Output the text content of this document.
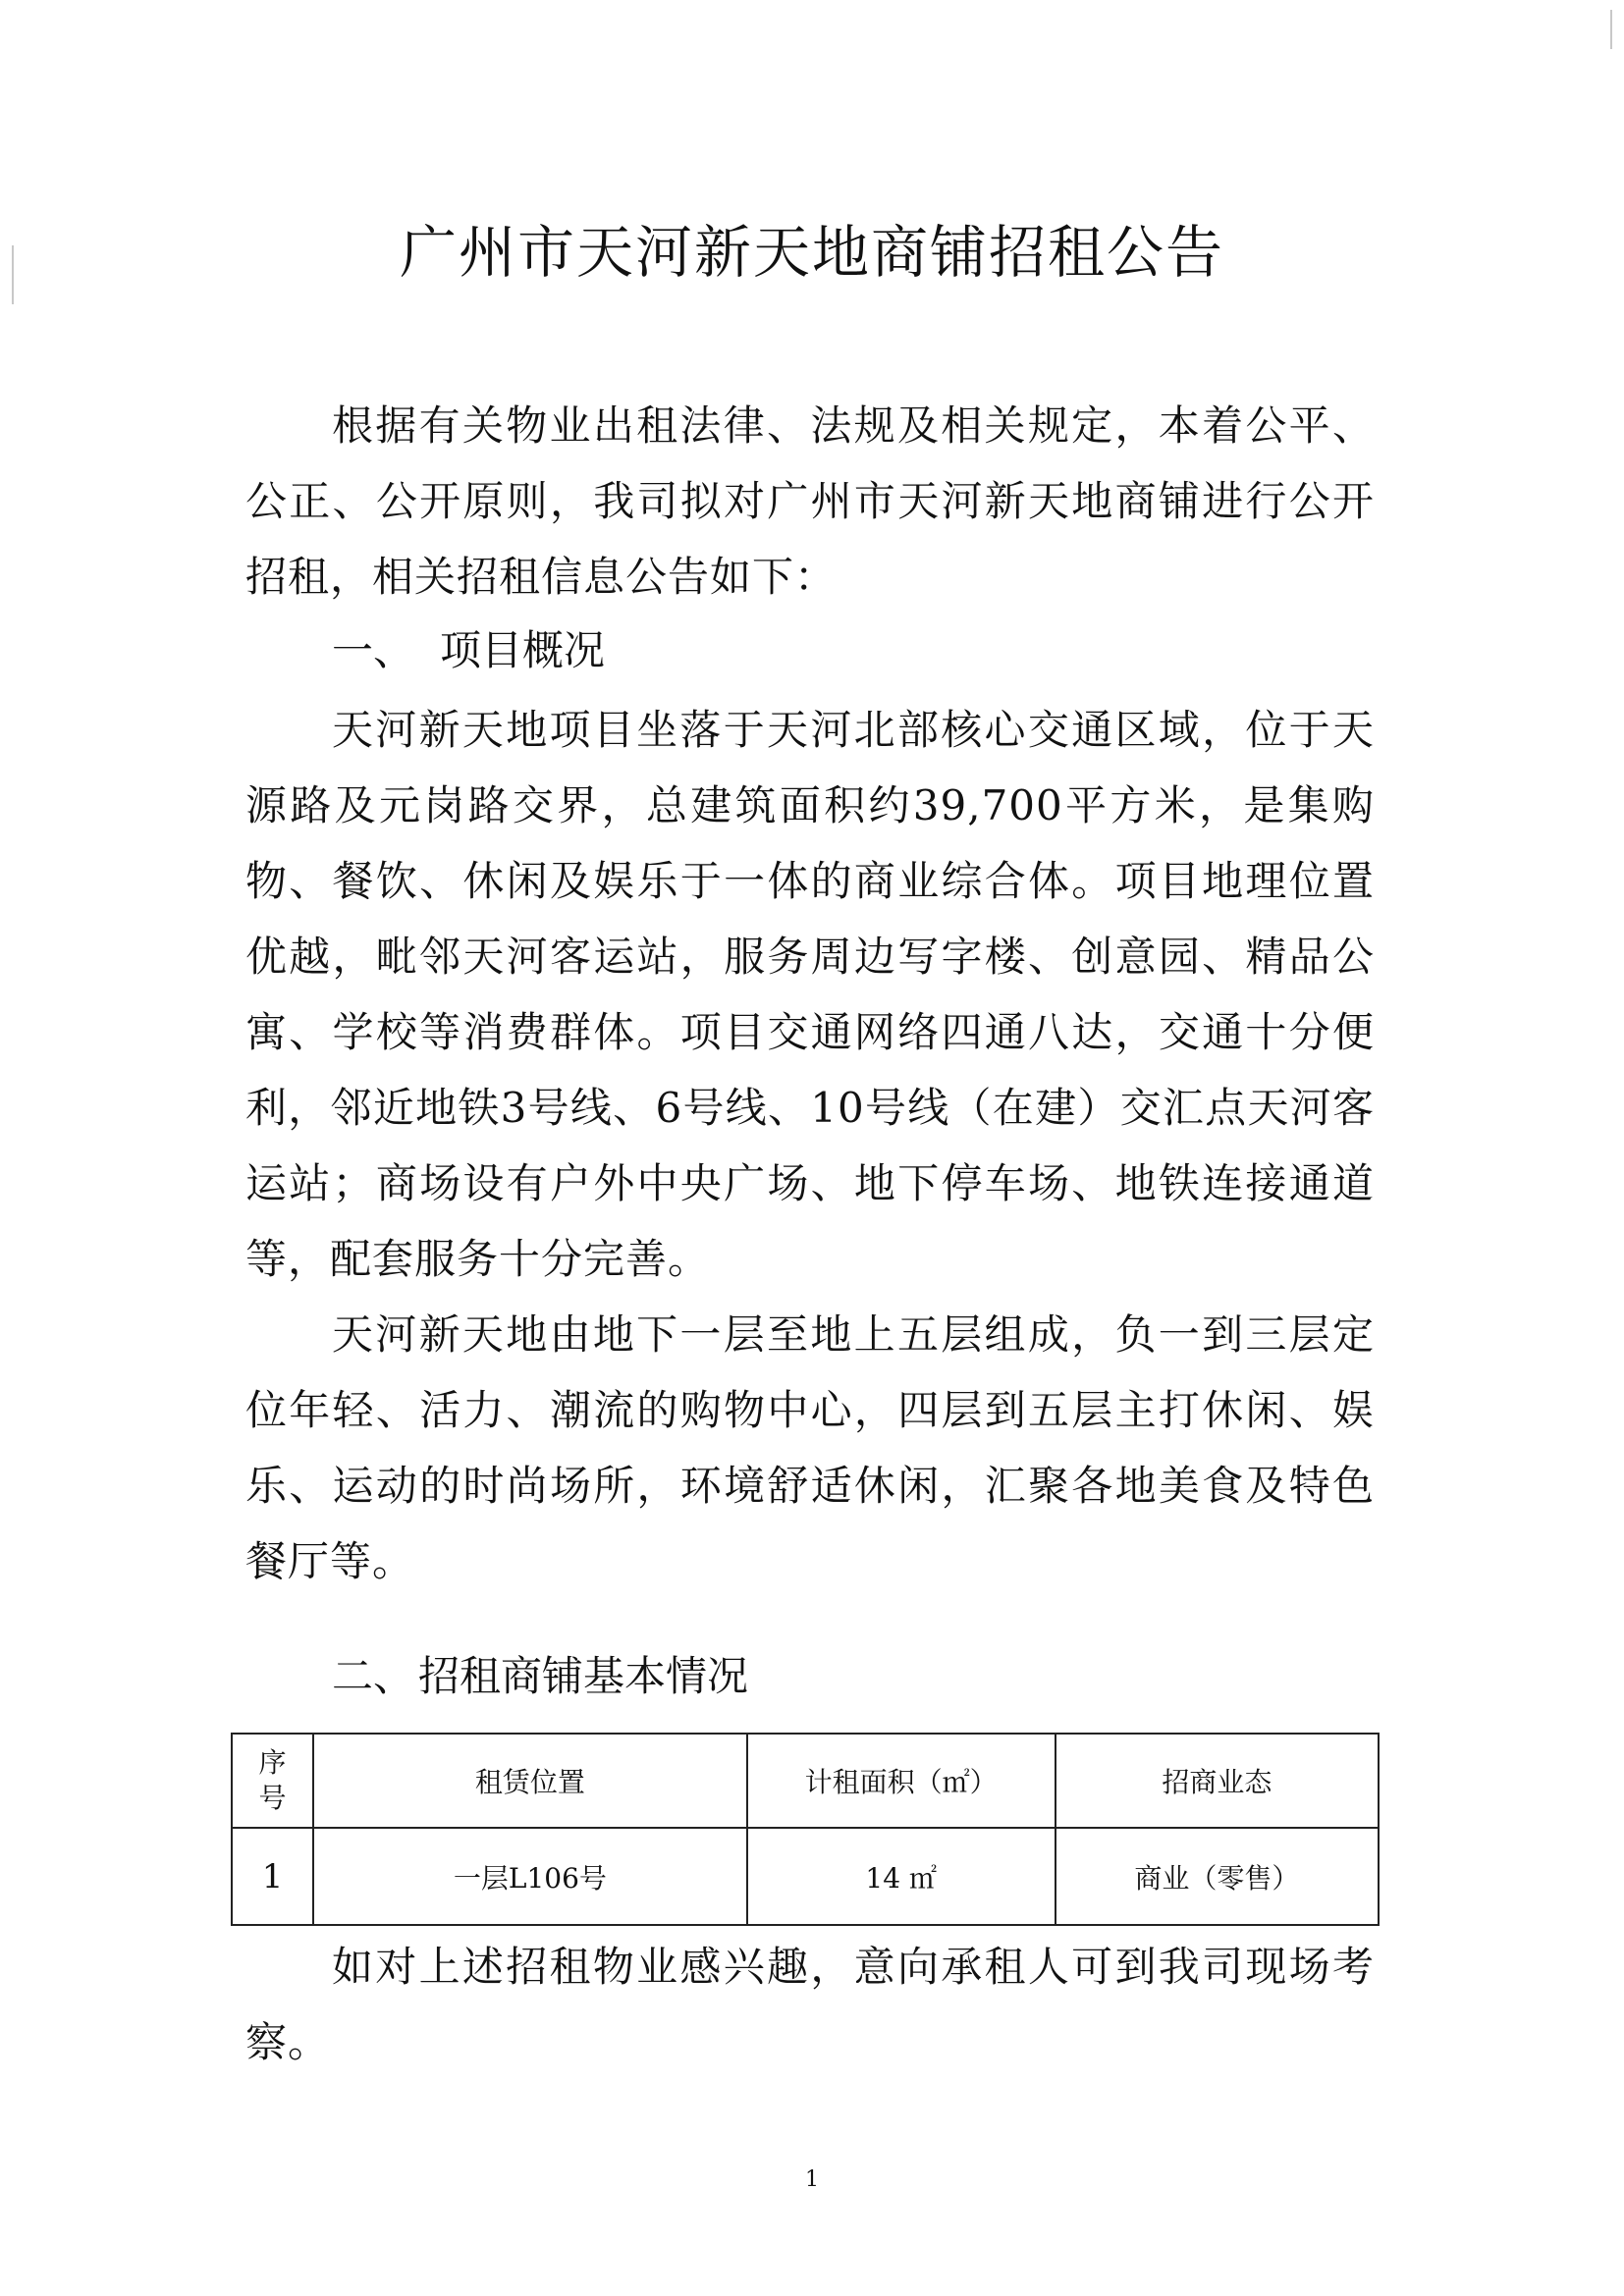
广州市天河新天地商铺招租公告

根据有关物业出租法律、法规及相关规定，本着公平、公正、公开原则，我司拟对广州市天河新天地商铺进行公开招租，相关招租信息公告如下：

一、 项目概况

天河新天地项目坐落于天河北部核心交通区域，位于天源路及元岗路交界，总建筑面积约39,700平方米，是集购物、餐饮、休闲及娱乐于一体的商业综合体。项目地理位置优越，毗邻天河客运站，服务周边写字楼、创意园、精品公寓、学校等消费群体。项目交通网络四通八达，交通十分便利，邻近地铁3号线、6号线、10号线（在建）交汇点天河客运站；商场设有户外中央广场、地下停车场、地铁连接通道等，配套服务十分完善。

天河新天地由地下一层至地上五层组成，负一到三层定位年轻、活力、潮流的购物中心，四层到五层主打休闲、娱乐、运动的时尚场所，环境舒适休闲，汇聚各地美食及特色餐厅等。

二、招租商铺基本情况
序
号	租赁位置	计租面积（㎡）	招商业态
1	一层L106号	14 ㎡	商业（零售）

如对上述招租物业感兴趣，意向承租人可到我司现场考察。

1
